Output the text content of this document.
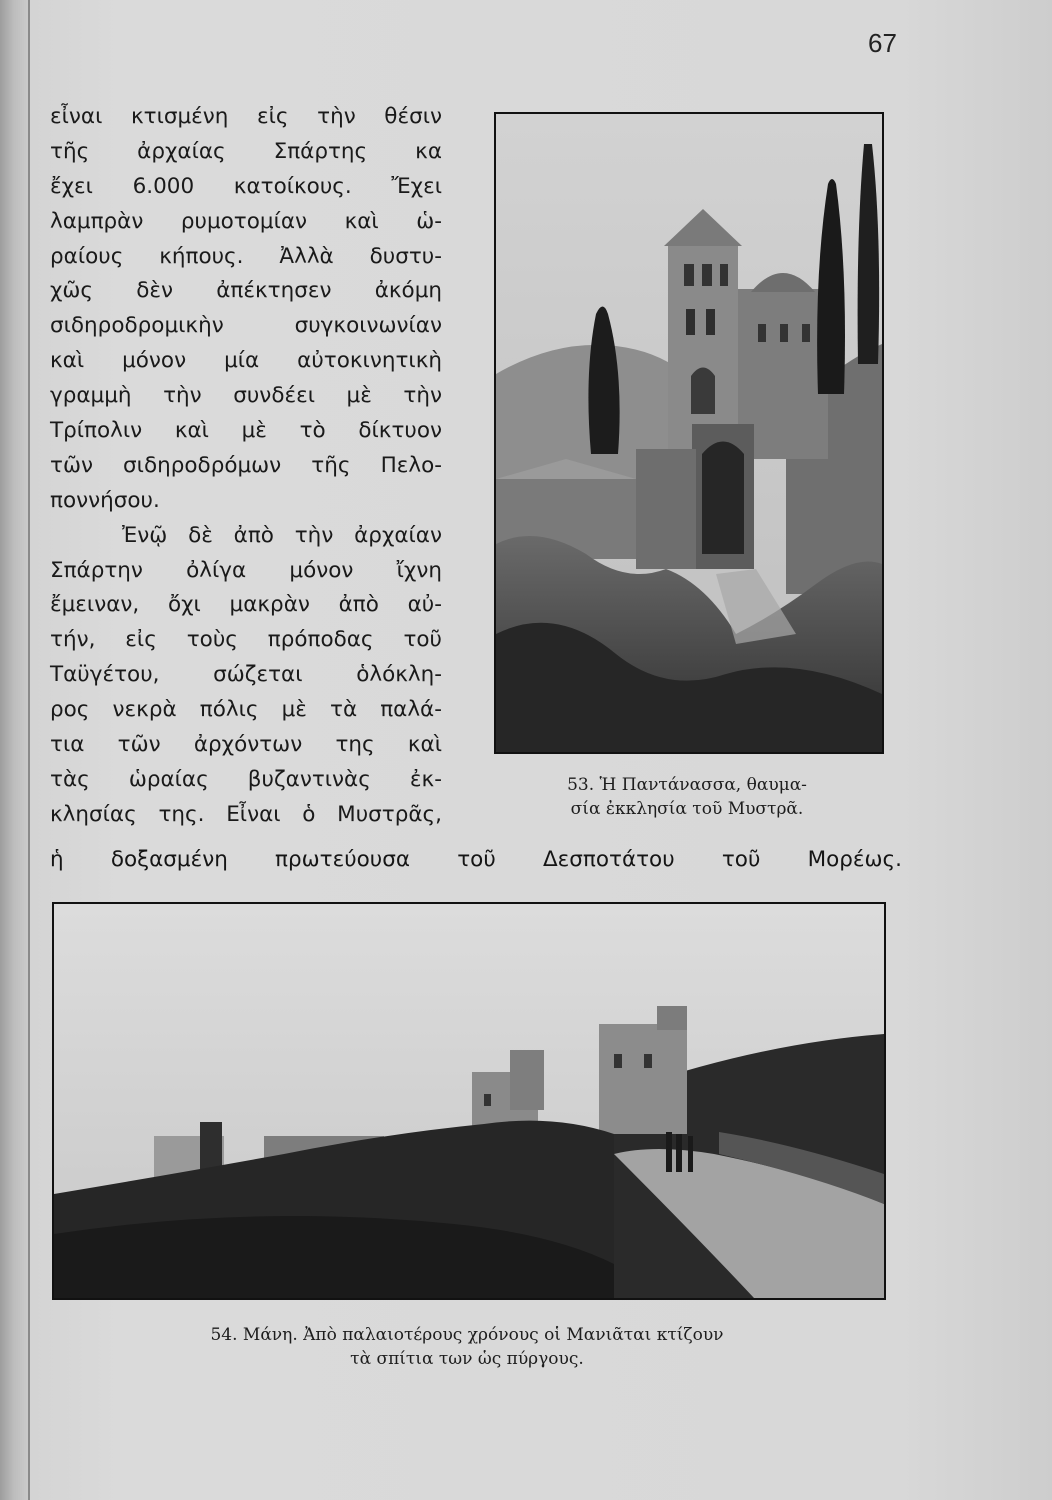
67
εἶναι κτισμένη εἰς τὴν θέσιν
τῆς ἀρχαίας Σπάρτης κα
ἔχει 6.000 κατοίκους. Ἔχει
λαμπρὰν ρυμοτομίαν καὶ ὡ-
ραίους κήπους. Ἀλλὰ δυστυ-
χῶς δὲν ἀπέκτησεν ἀκόμη
σιδηροδρομικὴν συγκοινωνίαν
καὶ μόνον μία αὐτοκινητικὴ
γραμμὴ τὴν συνδέει μὲ τὴν
Τρίπολιν καὶ μὲ τὸ δίκτυον
τῶν σιδηροδρόμων τῆς Πελο-
ποννήσου.
Ἐνῷ δὲ ἀπὸ τὴν ἀρχαίαν
Σπάρτην ὀλίγα μόνον ἴχνη
ἔμειναν, ὄχι μακρὰν ἀπὸ αὐ-
τήν, εἰς τοὺς πρόποδας τοῦ
Ταϋγέτου, σώζεται ὁλόκλη-
ρος νεκρὰ πόλις μὲ τὰ παλά-
τια τῶν ἀρχόντων της καὶ
τὰς ὡραίας βυζαντινὰς ἐκ-
κλησίας της. Εἶναι ὁ Μυστρᾶς,
ἡ δοξασμένη πρωτεύουσα τοῦ Δεσποτάτου τοῦ Μορέως.
53. Ἡ Παντάνασσα, θαυμα-
σία ἐκκλησία τοῦ Μυστρᾶ.
54. Μάνη. Ἀπὸ παλαιοτέρους χρόνους οἱ Μανιᾶται κτίζουν
τὰ σπίτια των ὡς πύργους.
